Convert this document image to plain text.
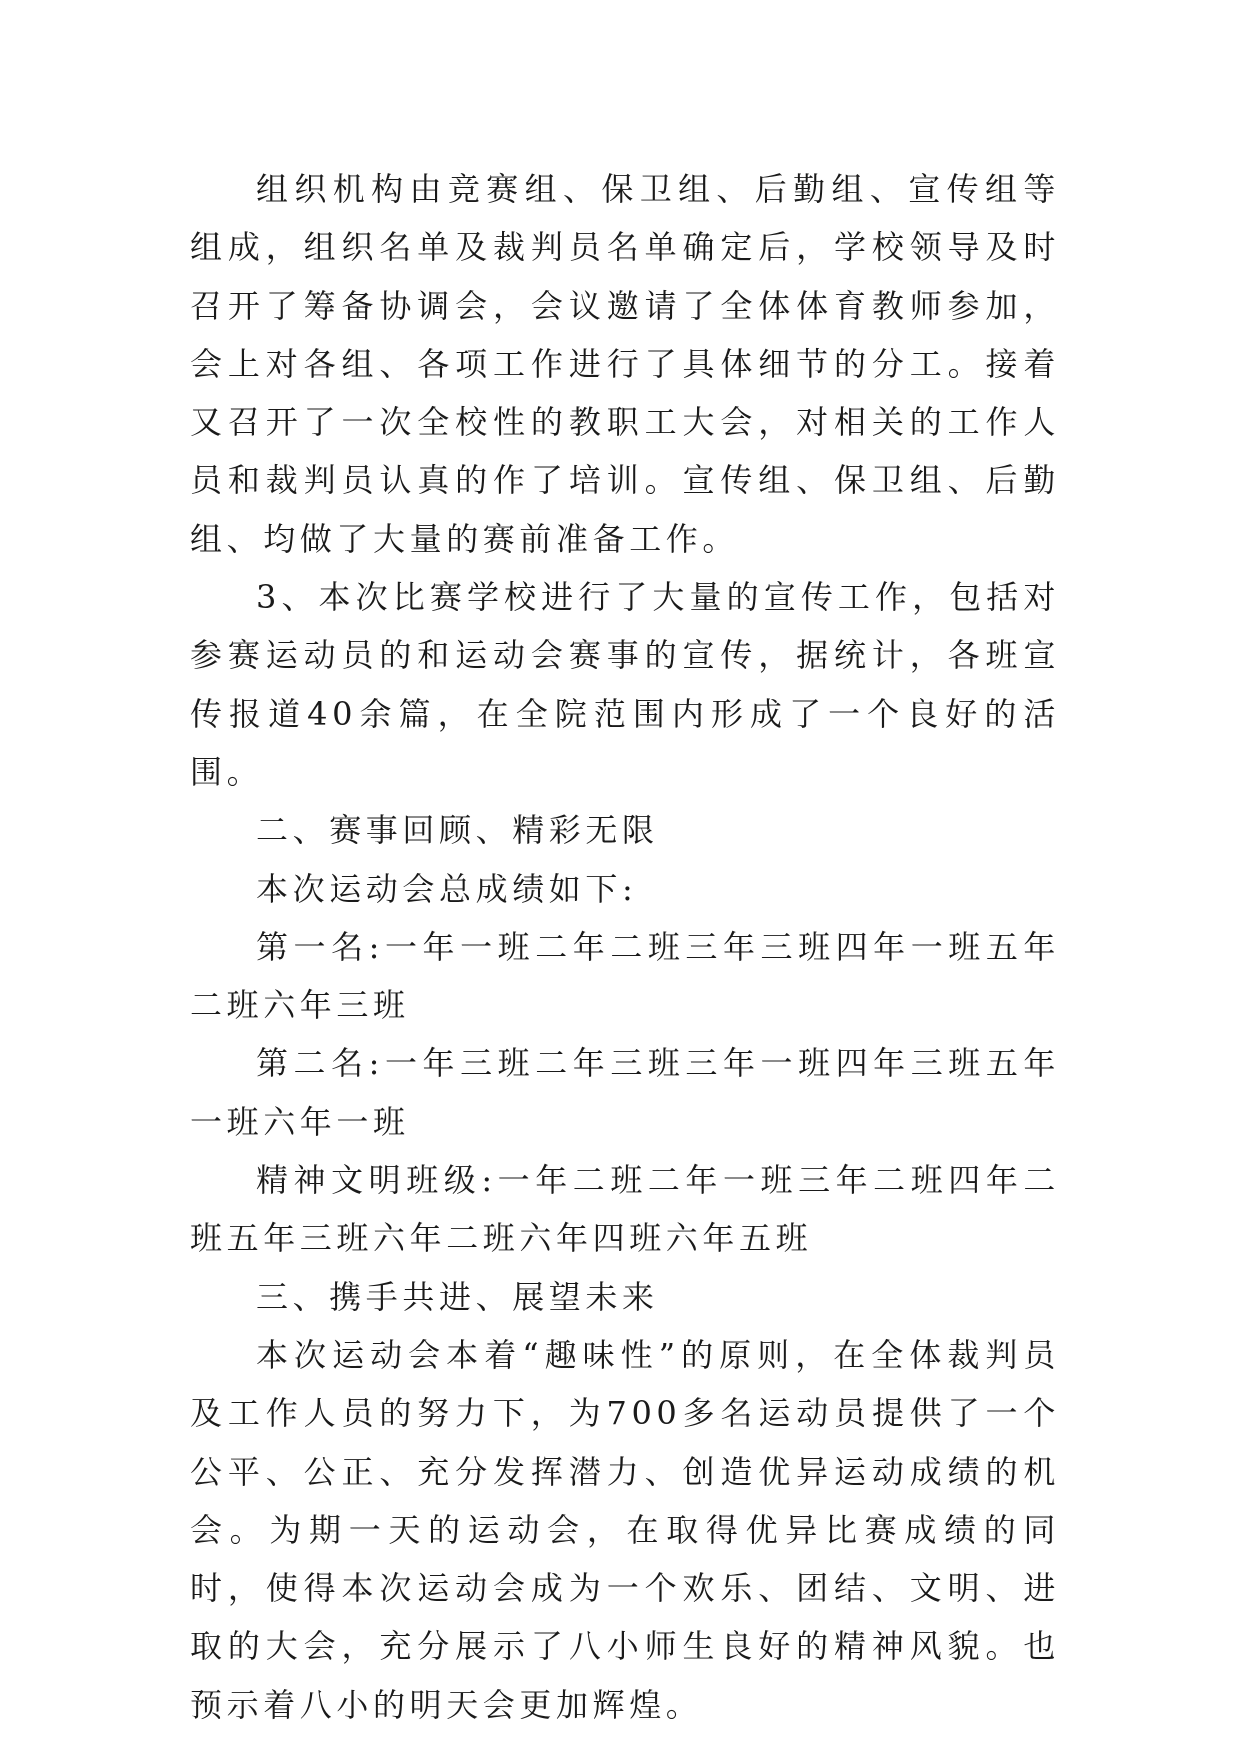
组织机构由竞赛组、保卫组、后勤组、宣传组等组成，组织名单及裁判员名单确定后，学校领导及时召开了筹备协调会，会议邀请了全体体育教师参加，会上对各组、各项工作进行了具体细节的分工。接着又召开了一次全校性的教职工大会，对相关的工作人员和裁判员认真的作了培训。宣传组、保卫组、后勤组、均做了大量的赛前准备工作。

3、本次比赛学校进行了大量的宣传工作，包括对参赛运动员的和运动会赛事的宣传，据统计，各班宣传报道40余篇，在全院范围内形成了一个良好的活围。

二、赛事回顾、精彩无限

本次运动会总成绩如下:

第一名:一年一班二年二班三年三班四年一班五年二班六年三班

第二名:一年三班二年三班三年一班四年三班五年一班六年一班

精神文明班级:一年二班二年一班三年二班四年二班五年三班六年二班六年四班六年五班

三、携手共进、展望未来

本次运动会本着“趣味性”的原则，在全体裁判员及工作人员的努力下，为700多名运动员提供了一个公平、公正、充分发挥潜力、创造优异运动成绩的机会。为期一天的运动会，在取得优异比赛成绩的同时，使得本次运动会成为一个欢乐、团结、文明、进取的大会，充分展示了八小师生良好的精神风貌。也预示着八小的明天会更加辉煌。
